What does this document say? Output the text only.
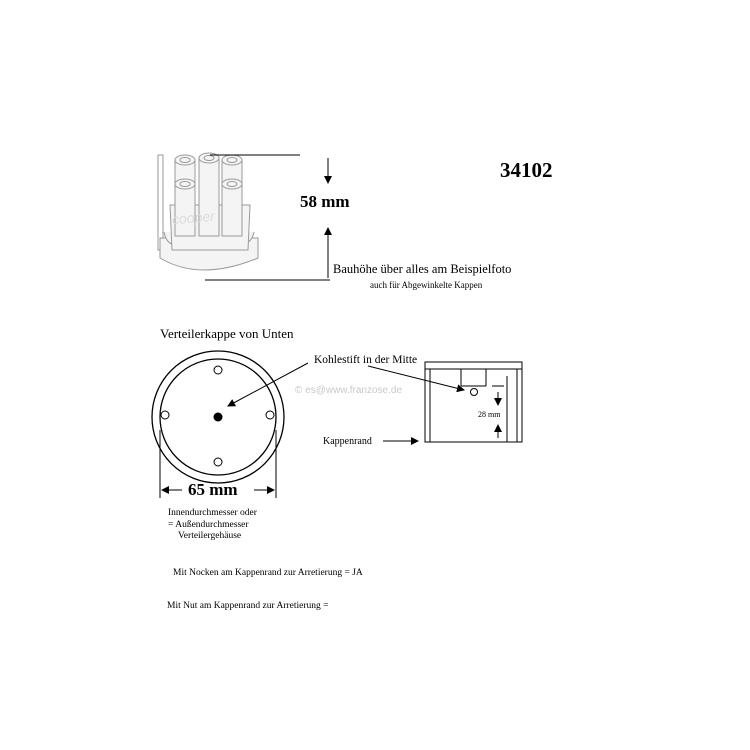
cooper
34102
58 mm
Bauhöhe über alles am Beispielfoto
auch für Abgewinkelte Kappen
Verteilerkappe von Unten
Kohlestift in der Mitte
© es@www.franzose.de
Kappenrand
28 mm
65 mm
Innendurchmesser oder
= Außendurchmesser
Verteilergehäuse
Mit Nocken am Kappenrand zur Arretierung = JA
Mit Nut am Kappenrand zur Arretierung =
